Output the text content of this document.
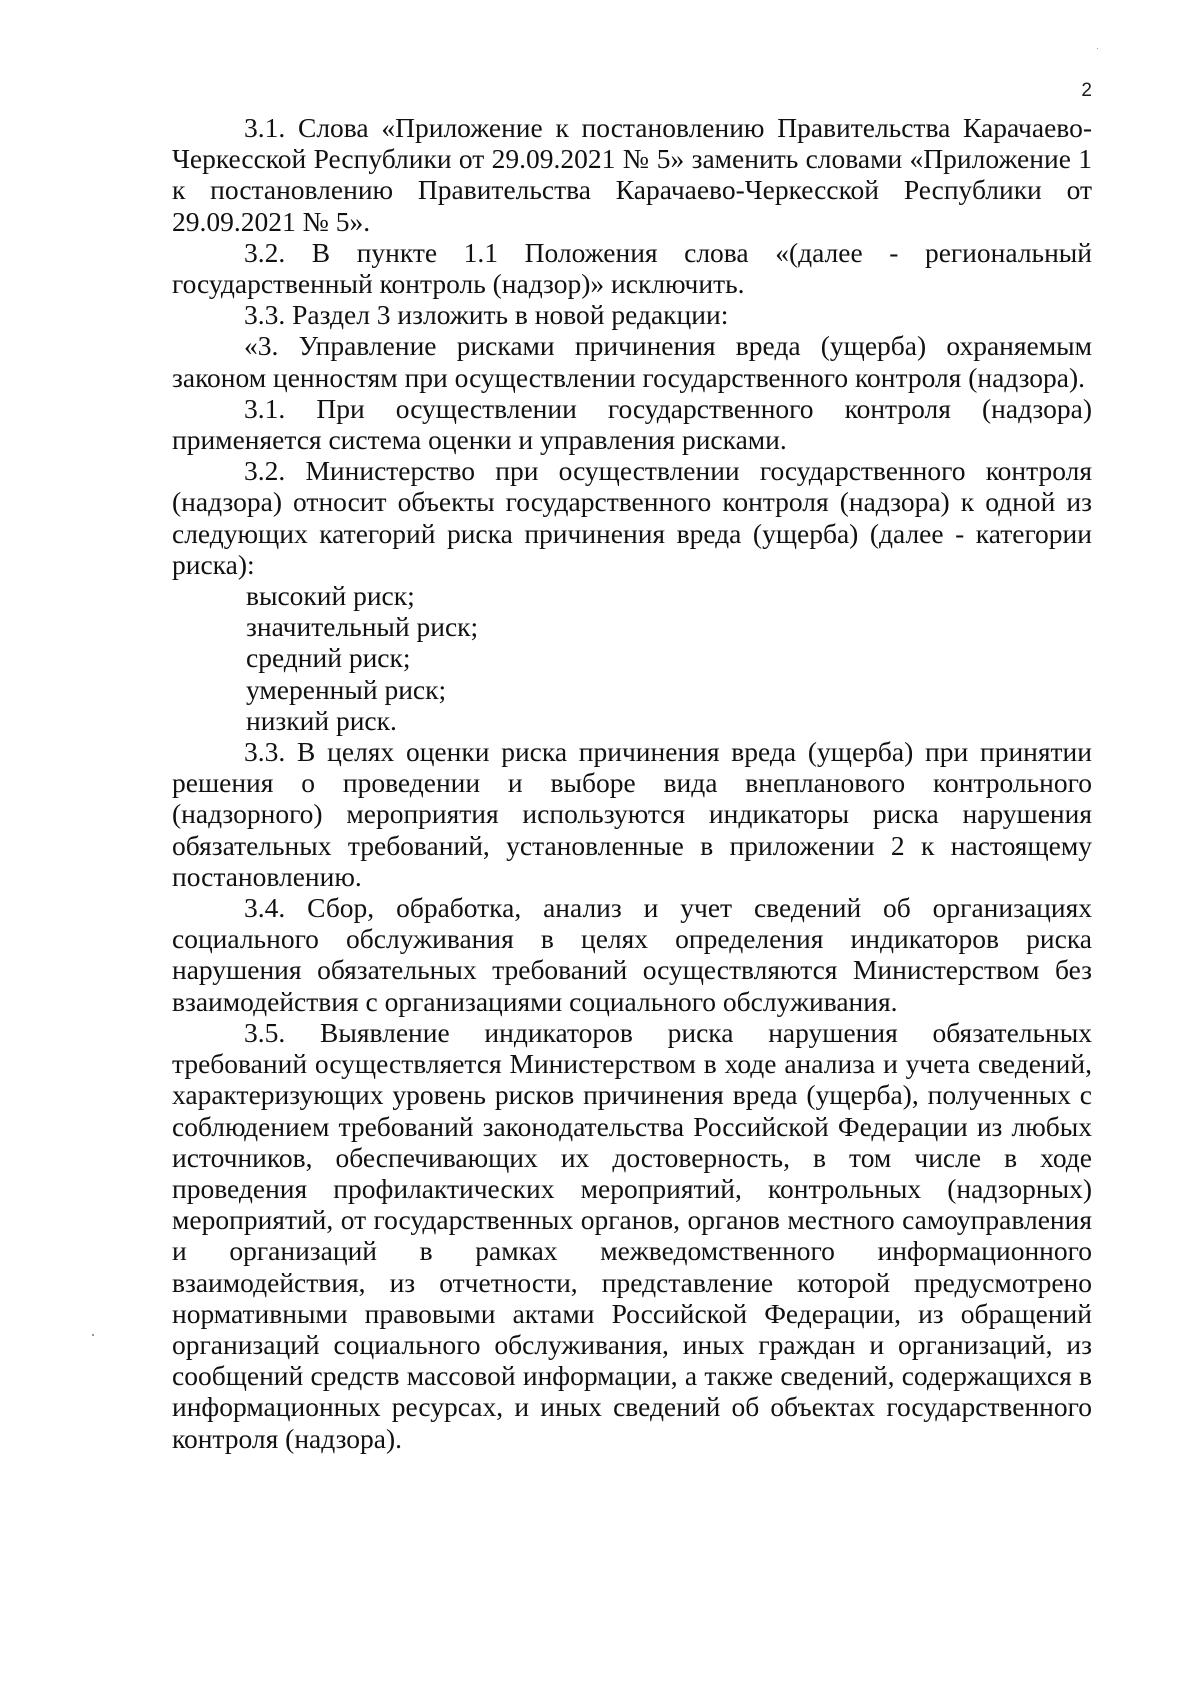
2

3.1. Слова «Приложение к постановлению Правительства Карачаево-Черкесской Республики от 29.09.2021 № 5» заменить словами «Приложение 1 к постановлению Правительства Карачаево-Черкесской Республики от 29.09.2021 № 5».

3.2. В пункте 1.1 Положения слова «(далее - региональный государственный контроль (надзор)» исключить.

3.3. Раздел 3 изложить в новой редакции:

«3. Управление рисками причинения вреда (ущерба) охраняемым законом ценностям при осуществлении государственного контроля (надзора).

3.1. При осуществлении государственного контроля (надзора) применяется система оценки и управления рисками.

3.2. Министерство при осуществлении государственного контроля (надзора) относит объекты государственного контроля (надзора) к одной из следующих категорий риска причинения вреда (ущерба) (далее - категории риска):

высокий риск;

значительный риск;

средний риск;

умеренный риск;

низкий риск.

3.3. В целях оценки риска причинения вреда (ущерба) при принятии решения о проведении и выборе вида внепланового контрольного (надзорного) мероприятия используются индикаторы риска нарушения обязательных требований, установленные в приложении 2 к настоящему постановлению.

3.4. Сбор, обработка, анализ и учет сведений об организациях социального обслуживания в целях определения индикаторов риска нарушения обязательных требований осуществляются Министерством без взаимодействия с организациями социального обслуживания.

3.5. Выявление индикаторов риска нарушения обязательных требований осуществляется Министерством в ходе анализа и учета сведений, характеризующих уровень рисков причинения вреда (ущерба), полученных с соблюдением требований законодательства Российской Федерации из любых источников, обеспечивающих их достоверность, в том числе в ходе проведения профилактических мероприятий, контрольных (надзорных) мероприятий, от государственных органов, органов местного самоуправления и организаций в рамках межведомственного информационного взаимодействия, из отчетности, представление которой предусмотрено нормативными правовыми актами Российской Федерации, из обращений организаций социального обслуживания, иных граждан и организаций, из сообщений средств массовой информации, а также сведений, содержащихся в информационных ресурсах, и иных сведений об объектах государственного контроля (надзора).
